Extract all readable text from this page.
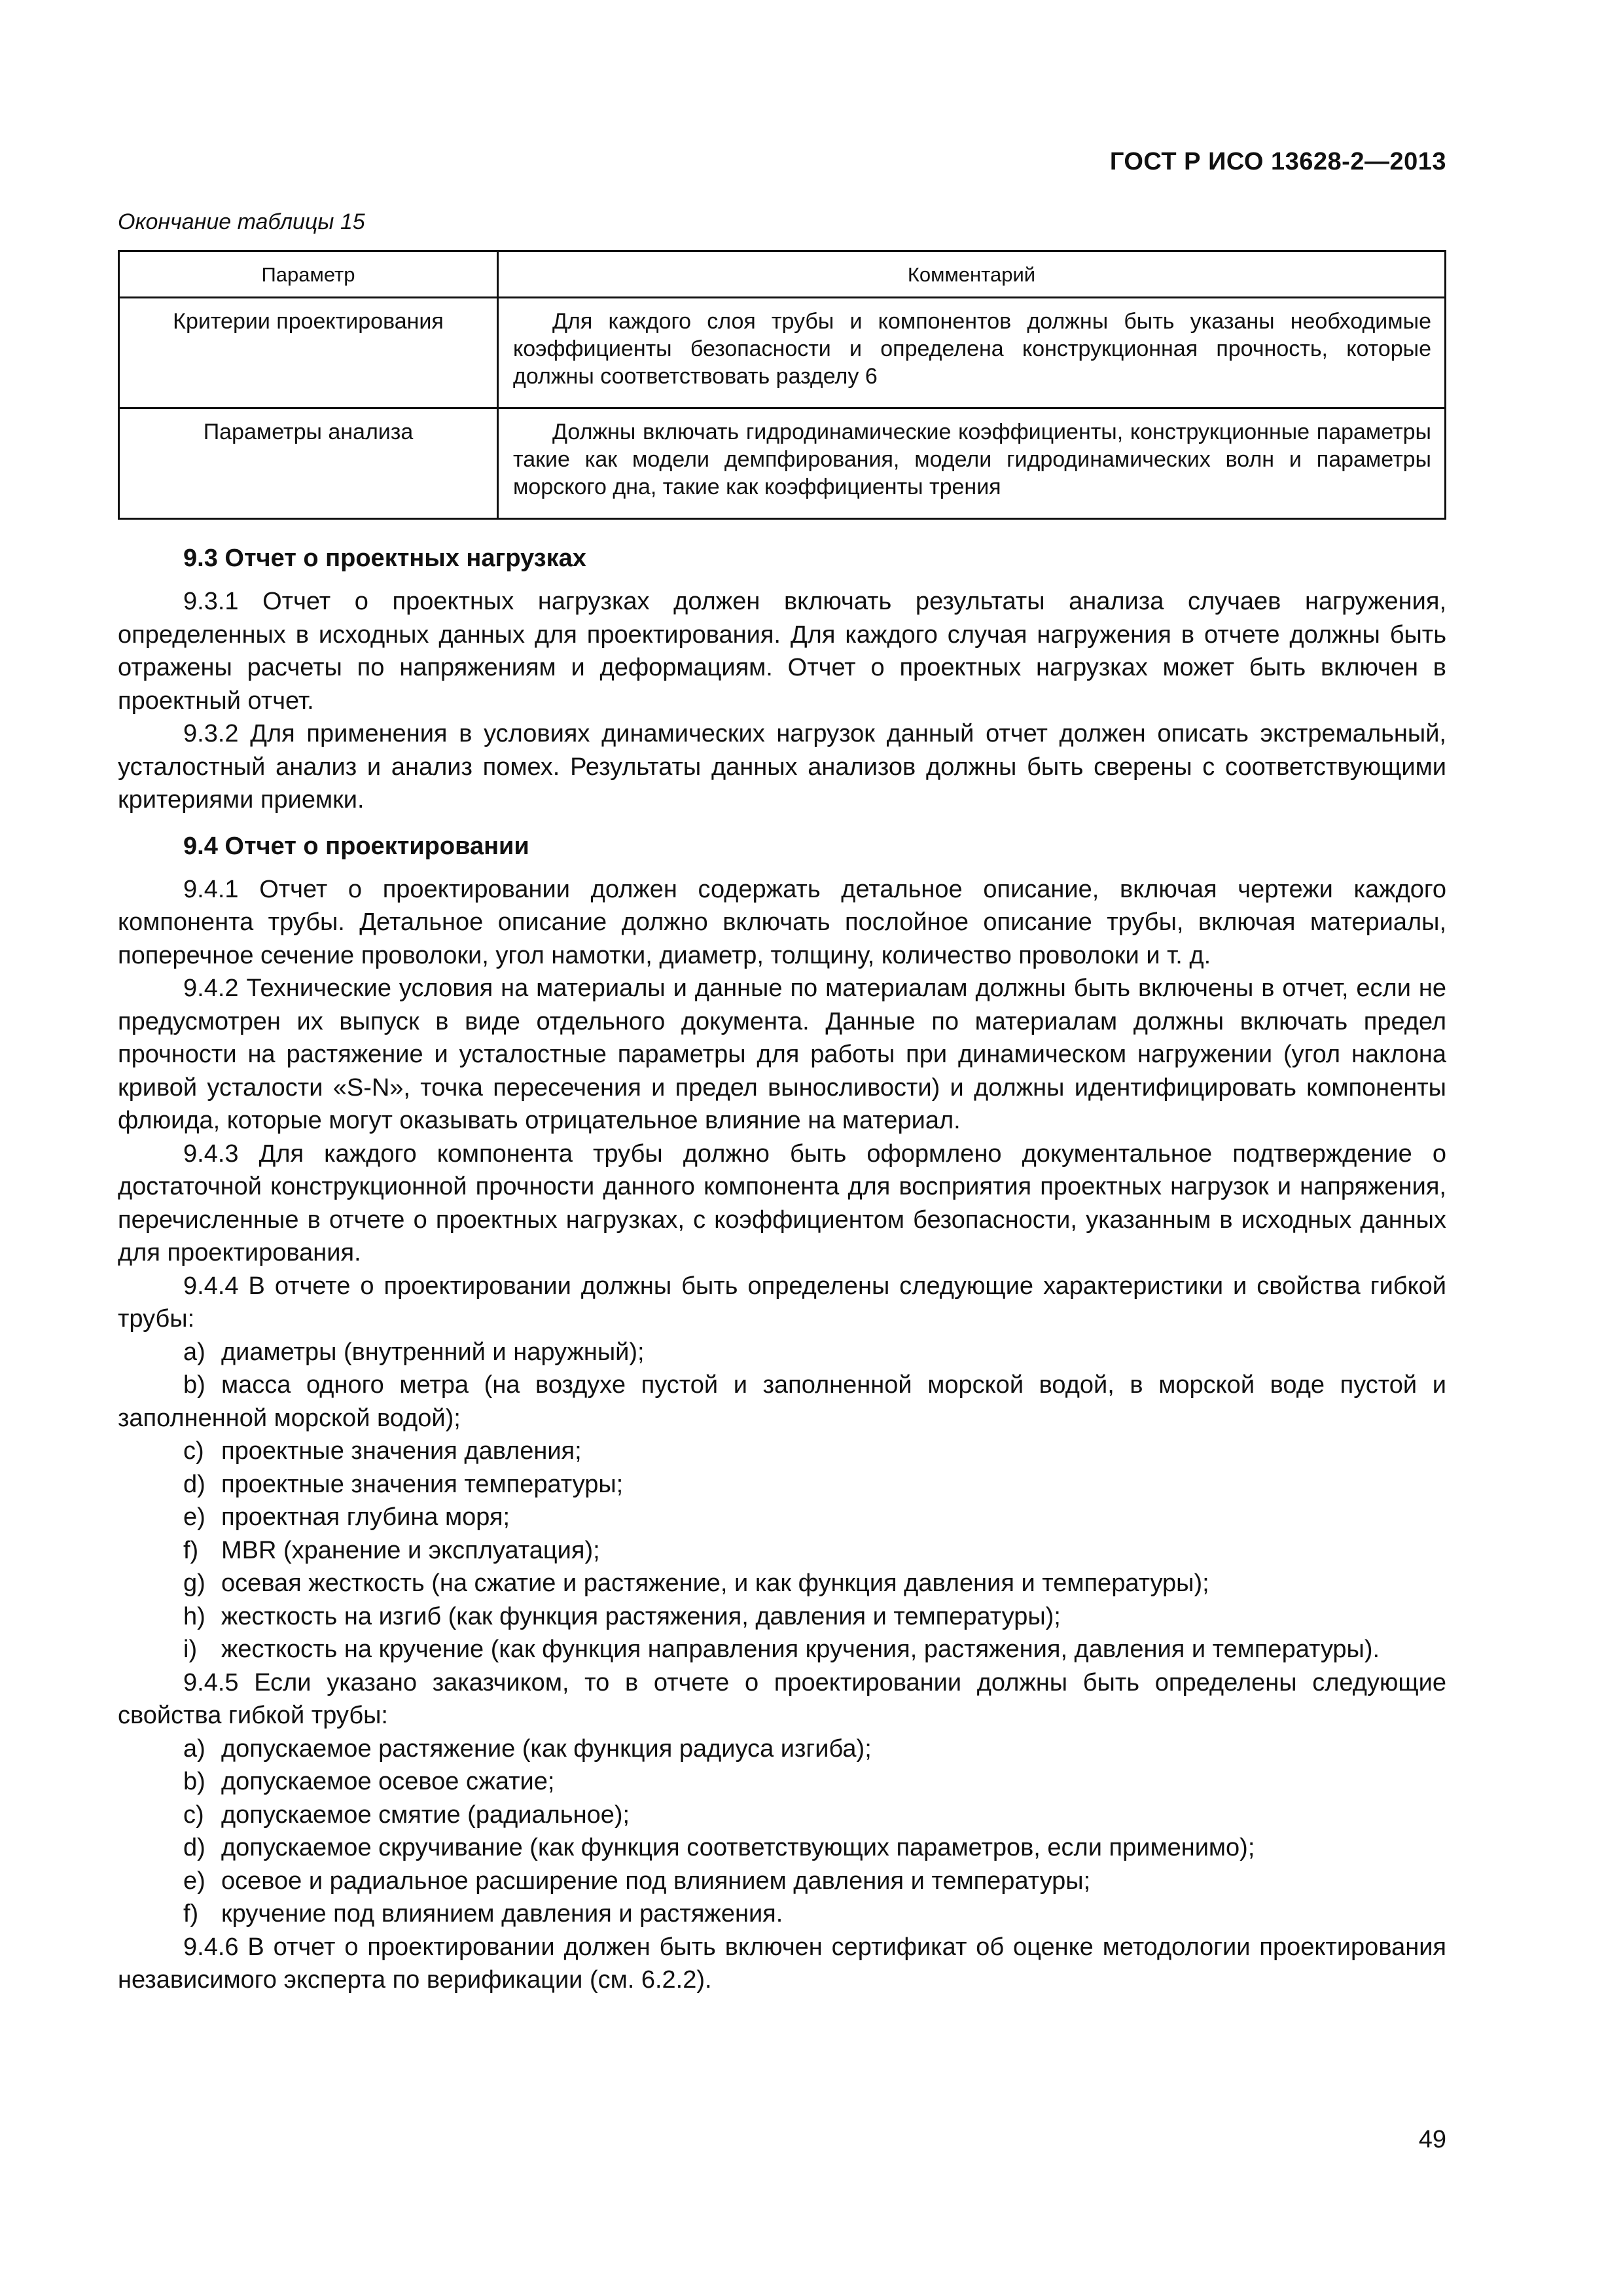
ГОСТ Р ИСО 13628-2—2013
Окончание таблицы 15
Параметр	Комментарий
Критерии проектирования	Для каждого слоя трубы и компонентов должны быть указаны необходимые коэффициенты безопасности и определена конструкционная прочность, которые должны соответствовать разделу 6
Параметры анализа	Должны включать гидродинамические коэффициенты, конструкционные параметры такие как модели демпфирования, модели гидродинамических волн и параметры морского дна, такие как коэффициенты трения
9.3 Отчет о проектных нагрузках

9.3.1 Отчет о проектных нагрузках должен включать результаты анализа случаев нагружения, определенных в исходных данных для проектирования. Для каждого случая нагружения в отчете должны быть отражены расчеты по напряжениям и деформациям. Отчет о проектных нагрузках может быть включен в проектный отчет.

9.3.2 Для применения в условиях динамических нагрузок данный отчет должен описать экстремальный, усталостный анализ и анализ помех. Результаты данных анализов должны быть сверены с соответствующими критериями приемки.

9.4 Отчет о проектировании

9.4.1 Отчет о проектировании должен содержать детальное описание, включая чертежи каждого компонента трубы. Детальное описание должно включать послойное описание трубы, включая материалы, поперечное сечение проволоки, угол намотки, диаметр, толщину, количество проволоки и т. д.

9.4.2 Технические условия на материалы и данные по материалам должны быть включены в отчет, если не предусмотрен их выпуск в виде отдельного документа. Данные по материалам должны включать предел прочности на растяжение и усталостные параметры для работы при динамическом нагружении (угол наклона кривой усталости «S-N», точка пересечения и предел выносливости) и должны идентифицировать компоненты флюида, которые могут оказывать отрицательное влияние на материал.

9.4.3 Для каждого компонента трубы должно быть оформлено документальное подтверждение о достаточной конструкционной прочности данного компонента для восприятия проектных нагрузок и напряжения, перечисленные в отчете о проектных нагрузках, с коэффициентом безопасности, указанным в исходных данных для проектирования.

9.4.4 В отчете о проектировании должны быть определены следующие характеристики и свойства гибкой трубы:

a) диаметры (внутренний и наружный);

b) масса одного метра (на воздухе пустой и заполненной морской водой, в морской воде пустой и заполненной морской водой);

c) проектные значения давления;

d) проектные значения температуры;

e) проектная глубина моря;

f) MBR (хранение и эксплуатация);

g) осевая жесткость (на сжатие и растяжение, и как функция давления и температуры);

h) жесткость на изгиб (как функция растяжения, давления и температуры);

i) жесткость на кручение (как функция направления кручения, растяжения, давления и температуры).

9.4.5 Если указано заказчиком, то в отчете о проектировании должны быть определены следующие свойства гибкой трубы:

a) допускаемое растяжение (как функция радиуса изгиба);

b) допускаемое осевое сжатие;

c) допускаемое смятие (радиальное);

d) допускаемое скручивание (как функция соответствующих параметров, если применимо);

e) осевое и радиальное расширение под влиянием давления и температуры;

f) кручение под влиянием давления и растяжения.

9.4.6 В отчет о проектировании должен быть включен сертификат об оценке методологии проектирования независимого эксперта по верификации (см. 6.2.2).

49
